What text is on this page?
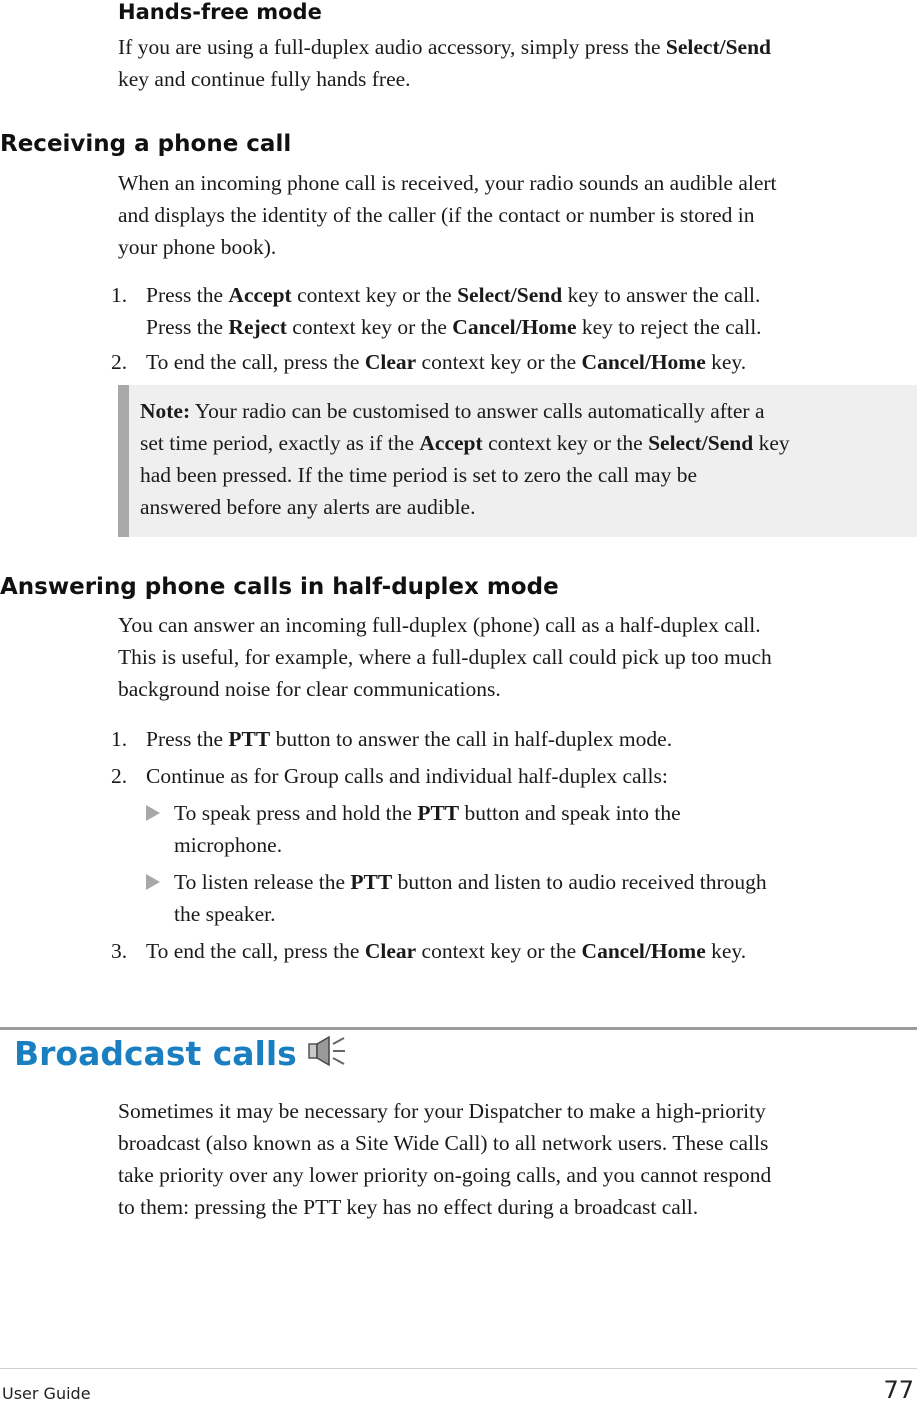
Hands-free mode

If you are using a full-duplex audio accessory, simply press the Select/Send
key and continue fully hands free.

Receiving a phone call

When an incoming phone call is received, your radio sounds an audible alert
and displays the identity of the caller (if the contact or number is stored in
your phone book).

1. Press the Accept context key or the Select/Send key to answer the call.
Press the Reject context key or the Cancel/Home key to reject the call.
2. To end the call, press the Clear context key or the Cancel/Home key.
Note: Your radio can be customised to answer calls automatically after a
set time period, exactly as if the Accept context key or the Select/Send key
had been pressed. If the time period is set to zero the call may be
answered before any alerts are audible.
Answering phone calls in half-duplex mode

You can answer an incoming full-duplex (phone) call as a half-duplex call.
This is useful, for example, where a full-duplex call could pick up too much
background noise for clear communications.

1. Press the PTT button to answer the call in half-duplex mode.
2. Continue as for Group calls and individual half-duplex calls:
To speak press and hold the PTT button and speak into the
microphone.
To listen release the PTT button and listen to audio received through
the speaker.
3. To end the call, press the Clear context key or the Cancel/Home key.
Broadcast calls

Sometimes it may be necessary for your Dispatcher to make a high-priority
broadcast (also known as a Site Wide Call) to all network users. These calls
take priority over any lower priority on-going calls, and you cannot respond
to them: pressing the PTT key has no effect during a broadcast call.

User Guide	77
